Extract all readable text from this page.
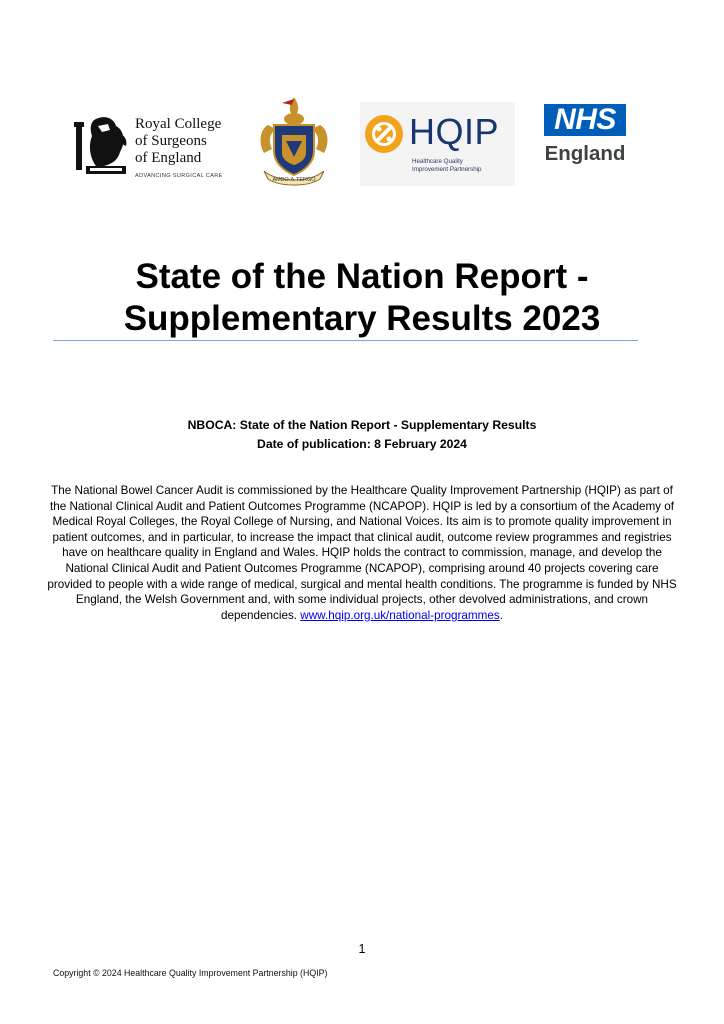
Royal College
of Surgeons
of England
ADVANCING SURGICAL CARE
AMBO·A·TERGO
HQIP
Healthcare Quality
Improvement Partnership
NHS
England
State of the Nation Report -
Supplementary Results 2023
NBOCA: State of the Nation Report - Supplementary Results
Date of publication: 8 February 2024

The National Bowel Cancer Audit is commissioned by the Healthcare Quality Improvement Partnership (HQIP) as part of the National Clinical Audit and Patient Outcomes Programme (NCAPOP). HQIP is led by a consortium of the Academy of Medical Royal Colleges, the Royal College of Nursing, and National Voices. Its aim is to promote quality improvement in patient outcomes, and in particular, to increase the impact that clinical audit, outcome review programmes and registries have on healthcare quality in England and Wales. HQIP holds the contract to commission, manage, and develop the National Clinical Audit and Patient Outcomes Programme (NCAPOP), comprising around 40 projects covering care provided to people with a wide range of medical, surgical and mental health conditions. The programme is funded by NHS England, the Welsh Government and, with some individual projects, other devolved administrations, and crown dependencies. www.hqip.org.uk/national-programmes.

1
Copyright © 2024 Healthcare Quality Improvement Partnership (HQIP)
